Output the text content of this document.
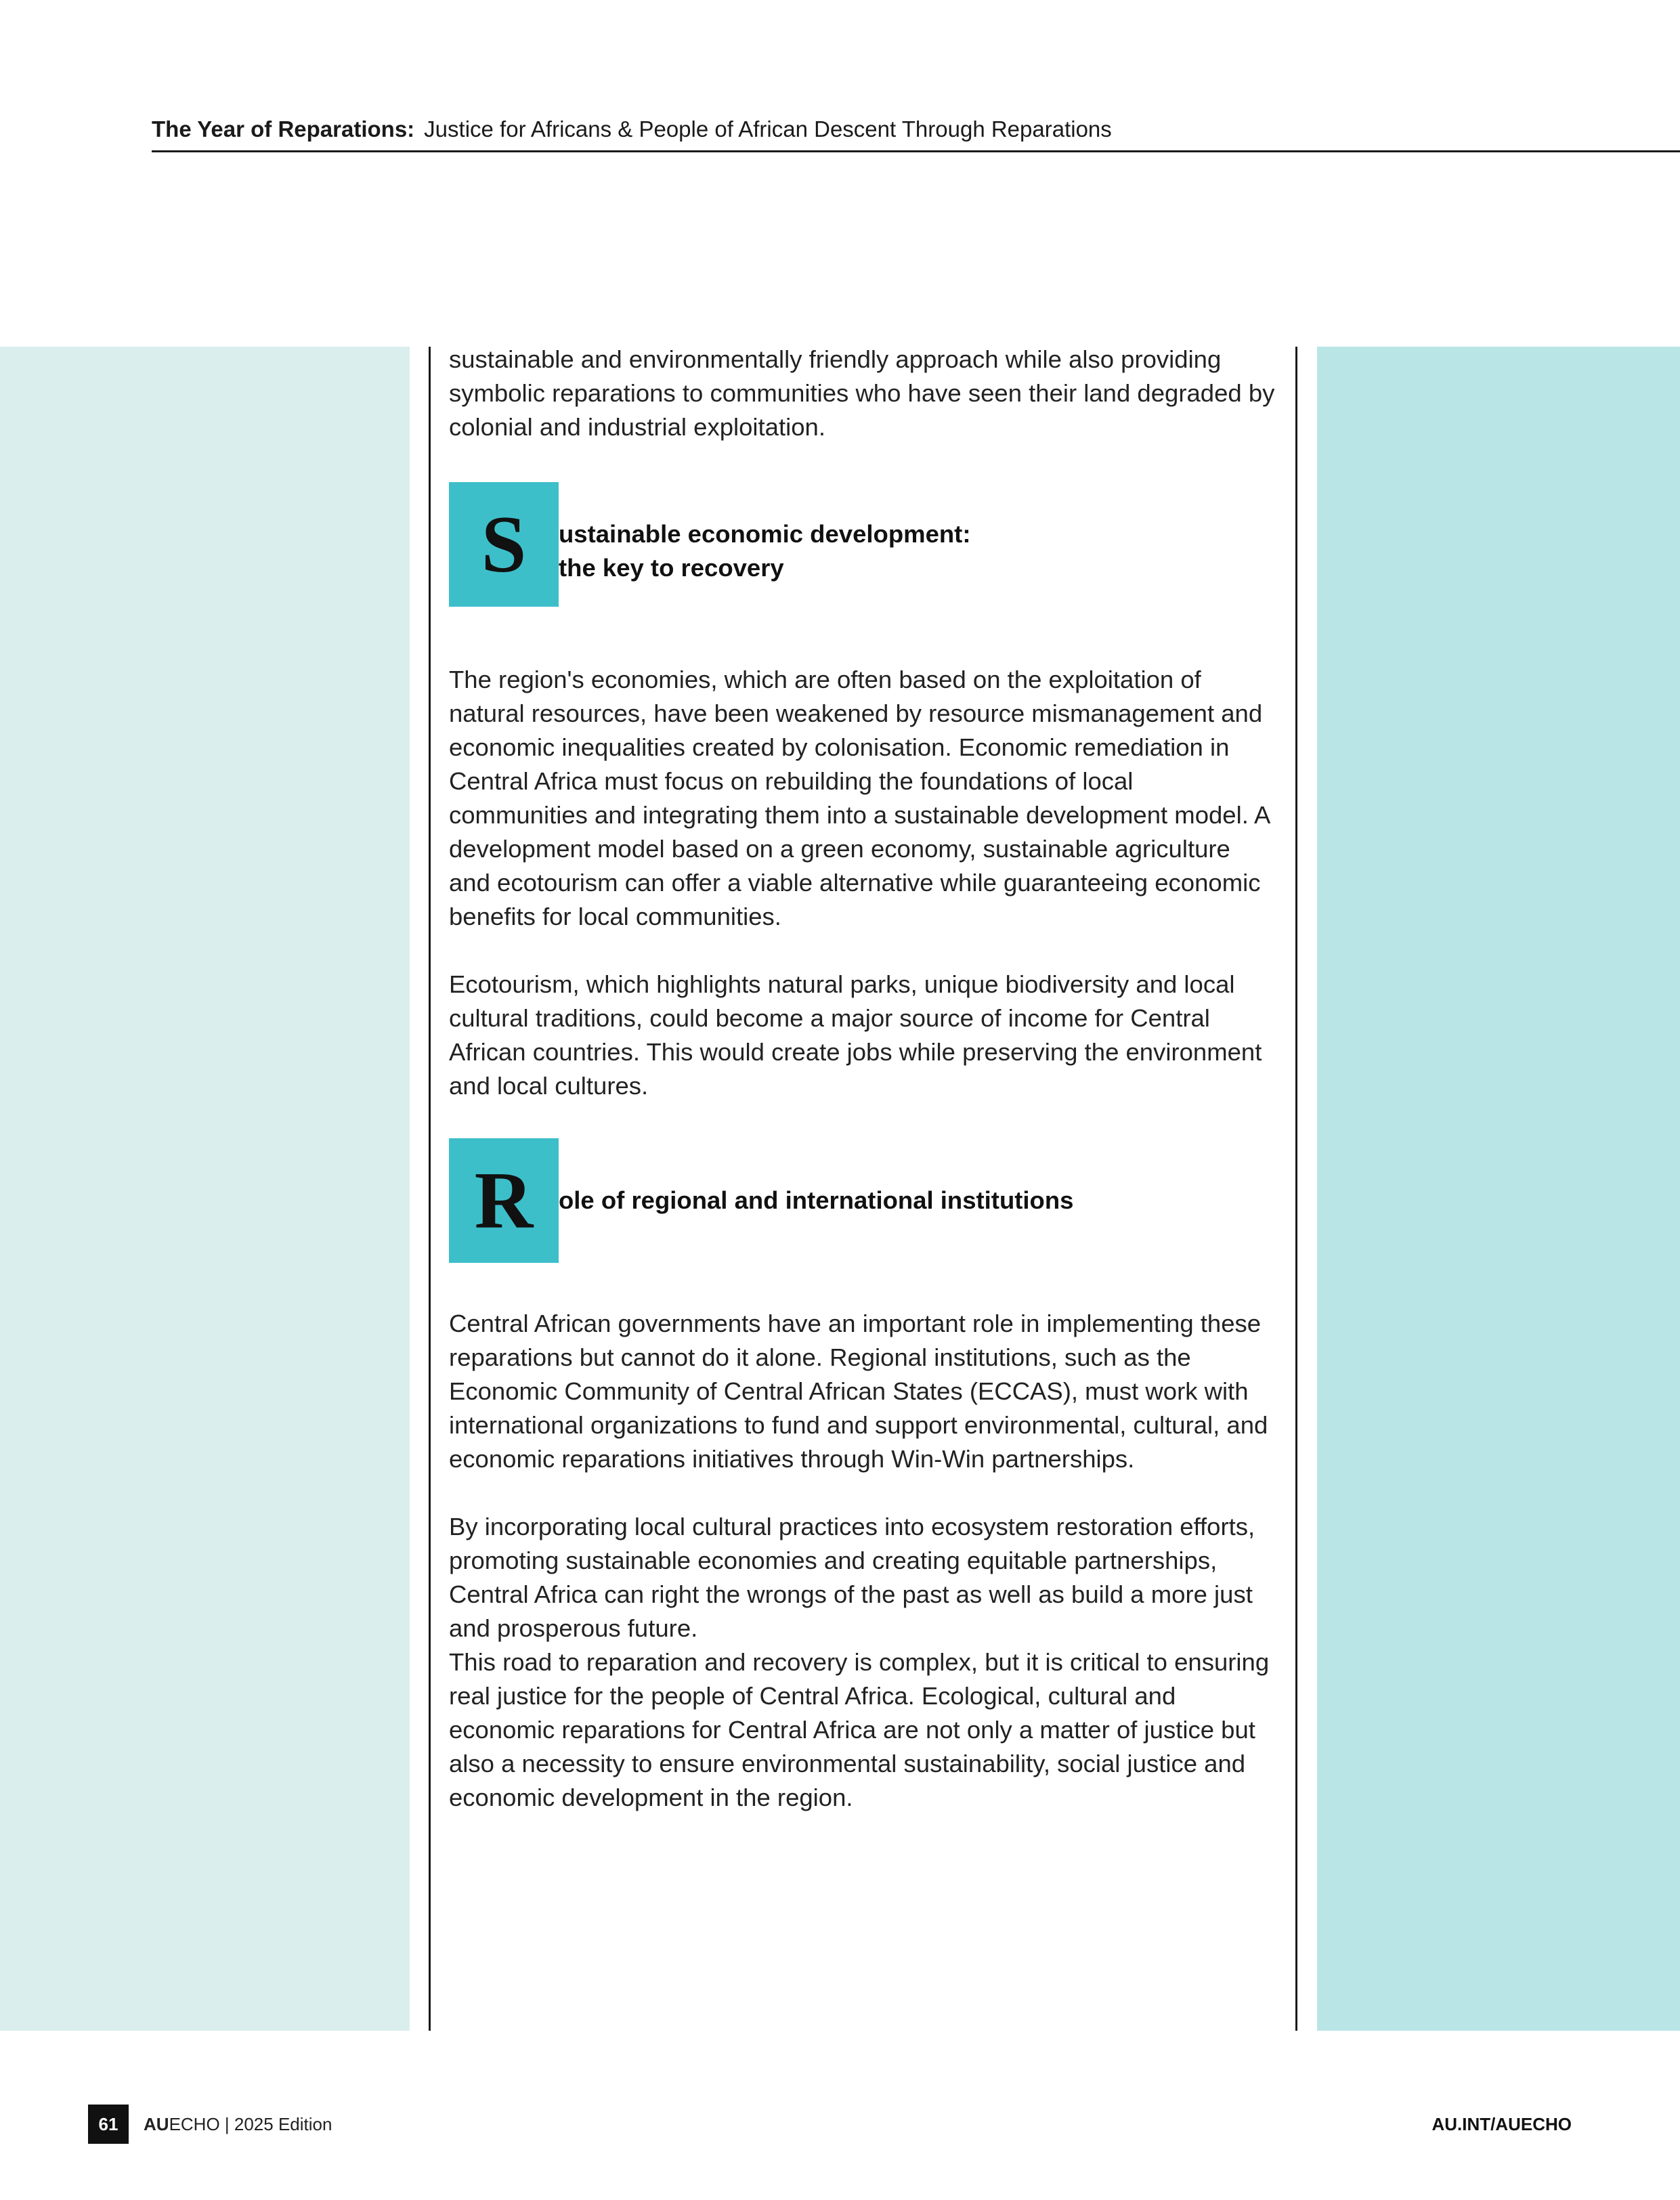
The Year of Reparations: Justice for Africans & People of African Descent Through Reparations

sustainable and environmentally friendly approach while also providing symbolic reparations to communities who have seen their land degraded by colonial and industrial exploitation.

S	ustainable economic development:
the key to recovery

The region's economies, which are often based on the exploitation of natural resources, have been weakened by resource mismanagement and economic inequalities created by colonisation. Economic remediation in Central Africa must focus on rebuilding the foundations of local communities and integrating them into a sustainable development model. A development model based on a green economy, sustainable agriculture and ecotourism can offer a viable alternative while guaranteeing economic benefits for local communities.

Ecotourism, which highlights natural parks, unique biodiversity and local cultural traditions, could become a major source of income for Central African countries. This would create jobs while preserving the environment and local cultures.

R	ole of regional and international institutions

Central African governments have an important role in implementing these reparations but cannot do it alone. Regional institutions, such as the Economic Community of Central African States (ECCAS), must work with international organizations to fund and support environmental, cultural, and economic reparations initiatives through Win-Win partnerships.

By incorporating local cultural practices into ecosystem restoration efforts, promoting sustainable economies and creating equitable partnerships, Central Africa can right the wrongs of the past as well as build a more just and prosperous future.

This road to reparation and recovery is complex, but it is critical to ensuring real justice for the people of Central Africa. Ecological, cultural and economic reparations for Central Africa are not only a matter of justice but also a necessity to ensure environmental sustainability, social justice and economic development in the region.

61	AUECHO | 2025 Edition	AU.INT/AUECHO
